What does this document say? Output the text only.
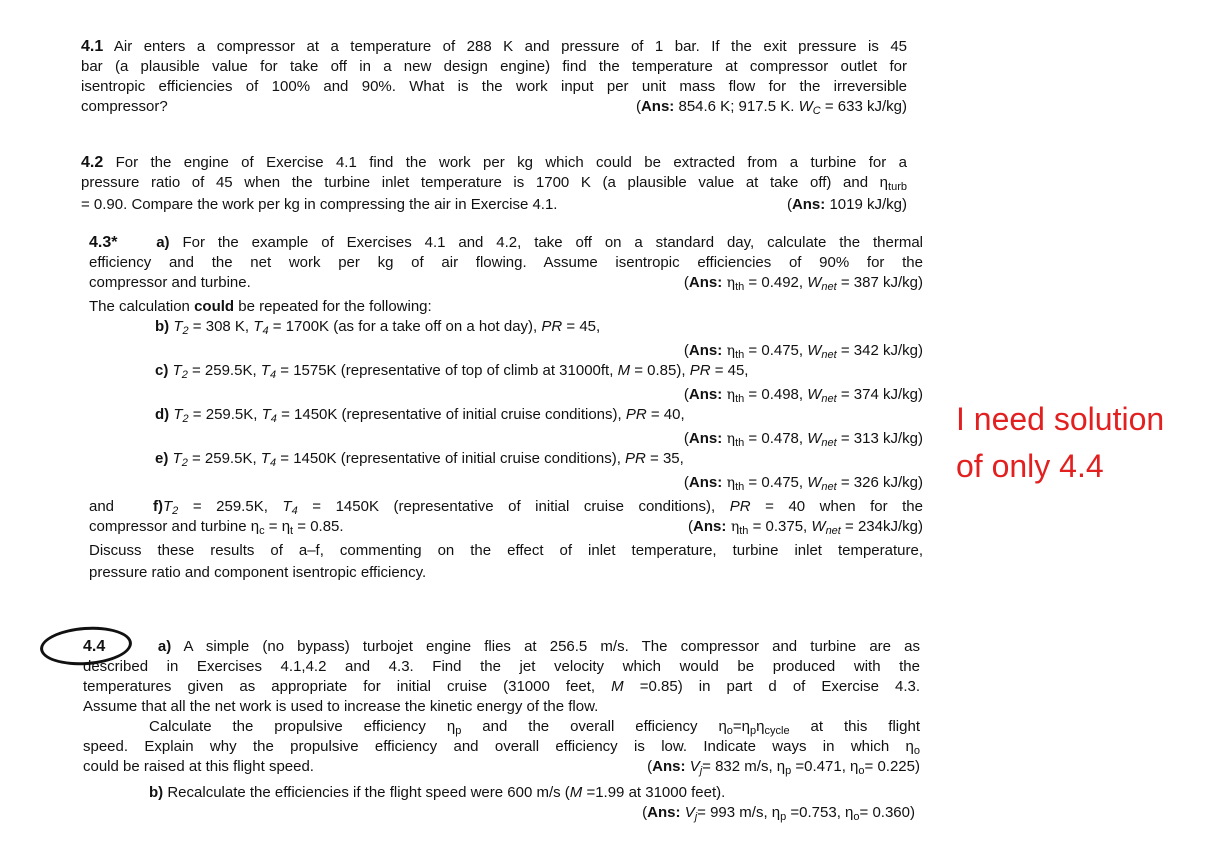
4.1 Air enters a compressor at a temperature of 288 K and pressure of 1 bar. If the exit pressure is 45
bar (a plausible value for take off in a new design engine) find the temperature at compressor outlet for
isentropic efficiencies of 100% and 90%. What is the work input per unit mass flow for the irreversible
compressor?	(Ans: 854.6 K; 917.5 K. $W_C = 633$ kJ/kg)
4.2 For the engine of Exercise 4.1 find the work per kg which could be extracted from a turbine for a
pressure ratio of 45 when the turbine inlet temperature is 1700 K (a plausible value at take off) and $\eta_{turb}$
= 0.90. Compare the work per kg in compressing the air in Exercise 4.1.	(Ans: 1019 kJ/kg)
4.3*	a) For the example of Exercises 4.1 and 4.2, take off on a standard day, calculate the thermal
efficiency and the net work per kg of air flowing. Assume isentropic efficiencies of 90% for the
compressor and turbine.	(Ans: $\eta_{th} = 0.492$, $W_{net} = 387$ kJ/kg)
The calculation could be repeated for the following:
b) $T_2 = 308$ K, $T_4 = 1700K$ (as for a take off on a hot day), PR = 45,
(Ans: $\eta_{th} = 0.475$, $W_{net} = 342$ kJ/kg)
c) $T_2 = 259.5K$, $T_4 = 1575K$ (representative of top of climb at 31000ft, M = 0.85), PR = 45,
(Ans: $\eta_{th} = 0.498$, $W_{net} = 374$ kJ/kg)
d) $T_2 = 259.5K$, $T_4 = 1450K$ (representative of initial cruise conditions), PR = 40,
(Ans: $\eta_{th} = 0.478$, $W_{net} = 313$ kJ/kg)
e) $T_2 = 259.5K$, $T_4 = 1450K$ (representative of initial cruise conditions), PR = 35,
(Ans: $\eta_{th} = 0.475$, $W_{net} = 326$ kJ/kg)
and	$f)T_2 = 259.5K$, $T_4 = 1450K$ (representative of initial cruise conditions), PR = 40 when for the
compressor and turbine $\eta_c = \eta_t = 0.85$.	(Ans: $\eta_{th} = 0.375$, $W_{net} = 234kJ/kg$)
Discuss these results of a–f, commenting on the effect of inlet temperature, turbine inlet temperature,
pressure ratio and component isentropic efficiency.
4.4	a) A simple (no bypass) turbojet engine flies at 256.5 m/s. The compressor and turbine are as
described in Exercises 4.1,4.2 and 4.3. Find the jet velocity which would be produced with the
temperatures given as appropriate for initial cruise (31000 feet, M =0.85) in part d of Exercise 4.3.
Assume that all the net work is used to increase the kinetic energy of the flow.
Calculate the propulsive efficiency $\eta_p$ and the overall efficiency $\eta_o=\eta_p\eta_{cycle}$ at this flight
speed. Explain why the propulsive efficiency and overall efficiency is low. Indicate ways in which $\eta_o$
could be raised at this flight speed.	(Ans: $V_j= 832$ m/s, $\eta_p =0.471$, $\eta_o= 0.225$)
b) Recalculate the efficiencies if the flight speed were 600 m/s (M =1.99 at 31000 feet).
(Ans: $V_j= 993$ m/s, $\eta_p =0.753$, $\eta_o= 0.360$)
I need solution
of only 4.4
